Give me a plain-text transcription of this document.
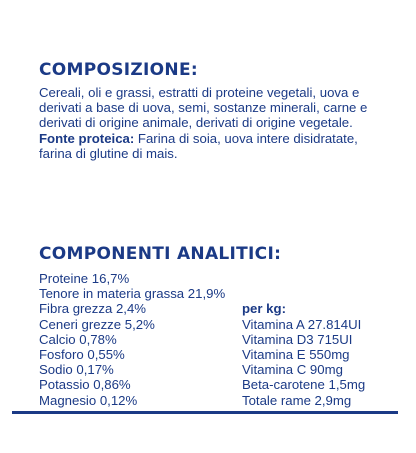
COMPOSIZIONE:

Cereali, oli e grassi, estratti di proteine vegetali, uova e derivati a base di uova, semi, sostanze minerali, carne e derivati di origine animale, derivati di origine vegetale.

Fonte proteica: Farina di soia, uova intere disidratate, farina di glutine di mais.

COMPONENTI ANALITICI:
Proteine 16,7%
Tenore in materia grassa 21,9%
Fibra grezza 2,4%	per kg:
Ceneri grezze 5,2%	Vitamina A 27.814UI
Calcio 0,78%	Vitamina D3 715UI
Fosforo 0,55%	Vitamina E 550mg
Sodio 0,17%	Vitamina C 90mg
Potassio 0,86%	Beta-carotene 1,5mg
Magnesio 0,12%	Totale rame 2,9mg
